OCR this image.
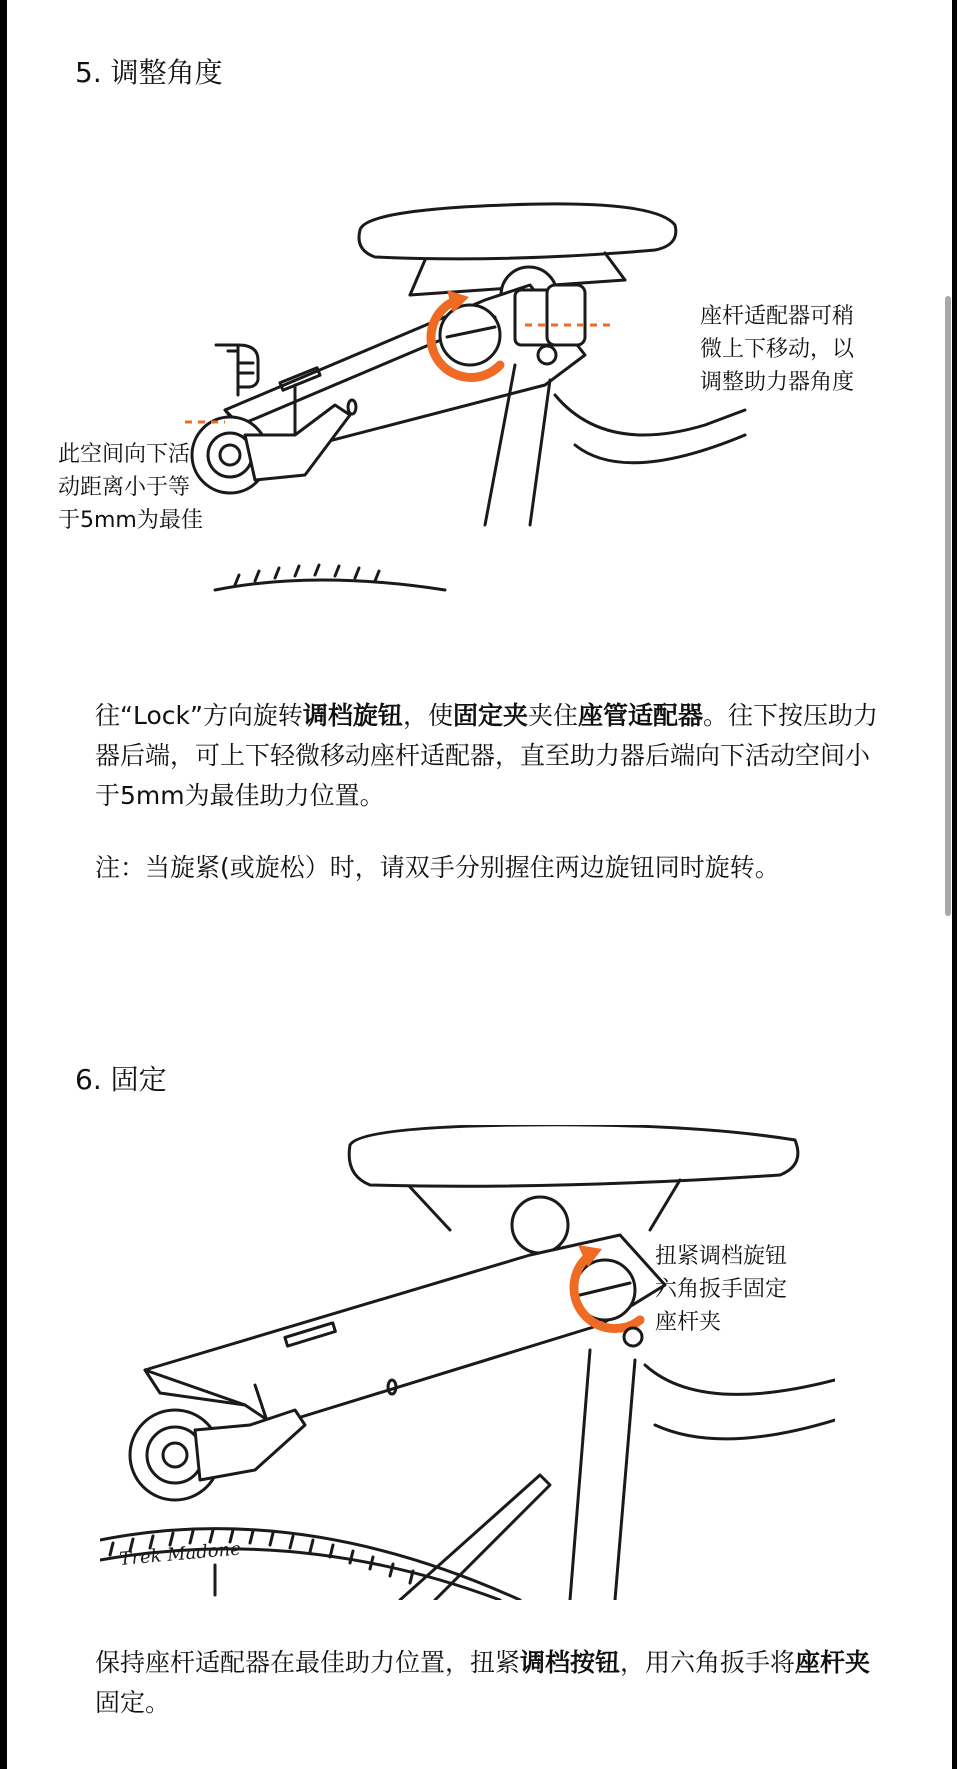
5. 调整角度
座杆适配器可稍
微上下移动，以
调整助力器角度
此空间向下活
动距离小于等
于5mm为最佳

往“Lock”方向旋转调档旋钮，使固定夹夹住座管适配器。往下按压助力器后端，可上下轻微移动座杆适配器，直至助力器后端向下活动空间小于5mm为最佳助力位置。

注：当旋紧(或旋松）时，请双手分别握住两边旋钮同时旋转。

6. 固定
Trek Madone
扭紧调档旋钮
六角扳手固定
座杆夹

保持座杆适配器在最佳助力位置，扭紧调档按钮，用六角扳手将座杆夹固定。
